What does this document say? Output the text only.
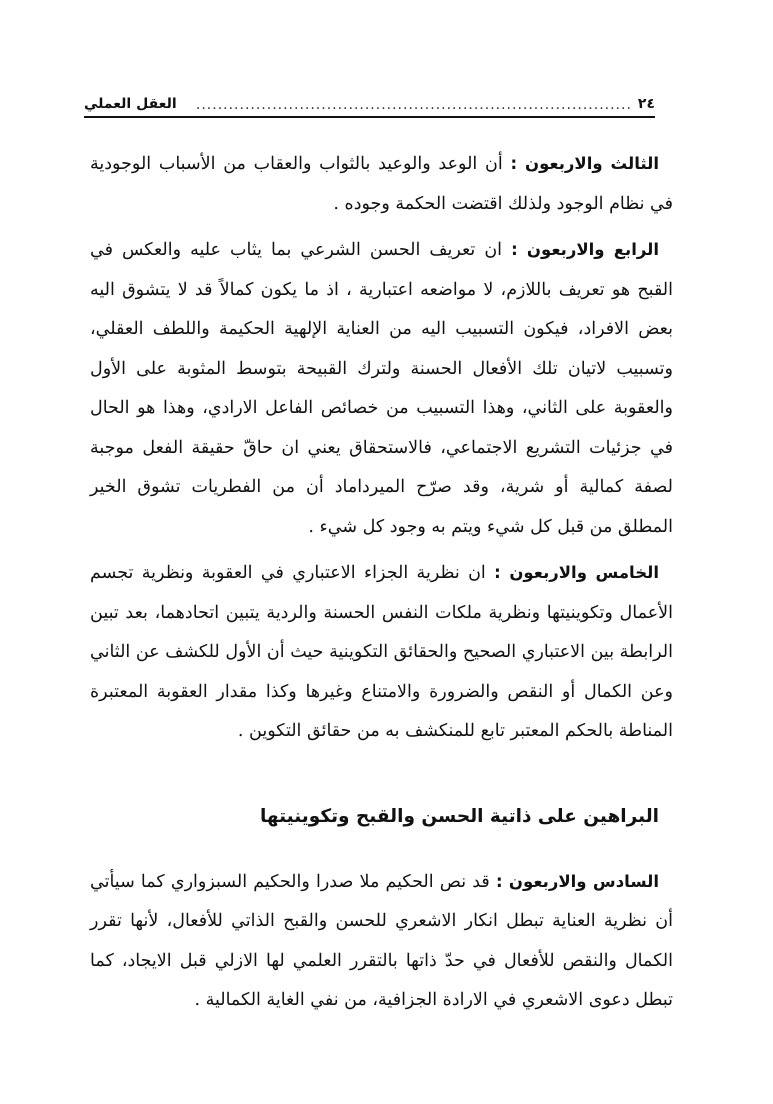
٢٤
................................................................................
العقل العملي

الثالث والاربعون : أن الوعد والوعيد بالثواب والعقاب من الأسباب الوجودية في نظام الوجود ولذلك اقتضت الحكمة وجوده .

الرابع والاربعون : ان تعريف الحسن الشرعي بما يثاب عليه والعكس في القبح هو تعريف باللازم، لا مواضعه اعتبارية ، اذ ما يكون كمالاً قد لا يتشوق اليه بعض الافراد، فيكون التسبيب اليه من العناية الإلهية الحكيمة واللطف العقلي، وتسبيب لاتيان تلك الأفعال الحسنة ولترك القبيحة بتوسط المثوبة على الأول والعقوبة على الثاني، وهذا التسبيب من خصائص الفاعل الارادي، وهذا هو الحال في جزئيات التشريع الاجتماعي، فالاستحقاق يعني ان حاقّ حقيقة الفعل موجبة لصفة كمالية أو شرية، وقد صرّح الميرداماد أن من الفطريات تشوق الخير المطلق من قبل كل شيء ويتم به وجود كل شيء .

الخامس والاربعون : ان نظرية الجزاء الاعتباري في العقوبة ونظرية تجسم الأعمال وتكوينيتها ونظرية ملكات النفس الحسنة والردية يتبين اتحادهما، بعد تبين الرابطة بين الاعتباري الصحيح والحقائق التكوينية حيث أن الأول للكشف عن الثاني وعن الكمال أو النقص والضرورة والامتناع وغيرها وكذا مقدار العقوبة المعتبرة المناطة بالحكم المعتبر تابع للمنكشف به من حقائق التكوين .

البراهين على ذاتية الحسن والقبح وتكوينيتها

السادس والاربعون : قد نص الحكيم ملا صدرا والحكيم السبزواري كما سيأتي أن نظرية العناية تبطل انكار الاشعري للحسن والقبح الذاتي للأفعال، لأنها تقرر الكمال والنقص للأفعال في حدّ ذاتها بالتقرر العلمي لها الازلي قبل الايجاد، كما تبطل دعوى الاشعري في الارادة الجزافية، من نفي الغاية الكمالية .
